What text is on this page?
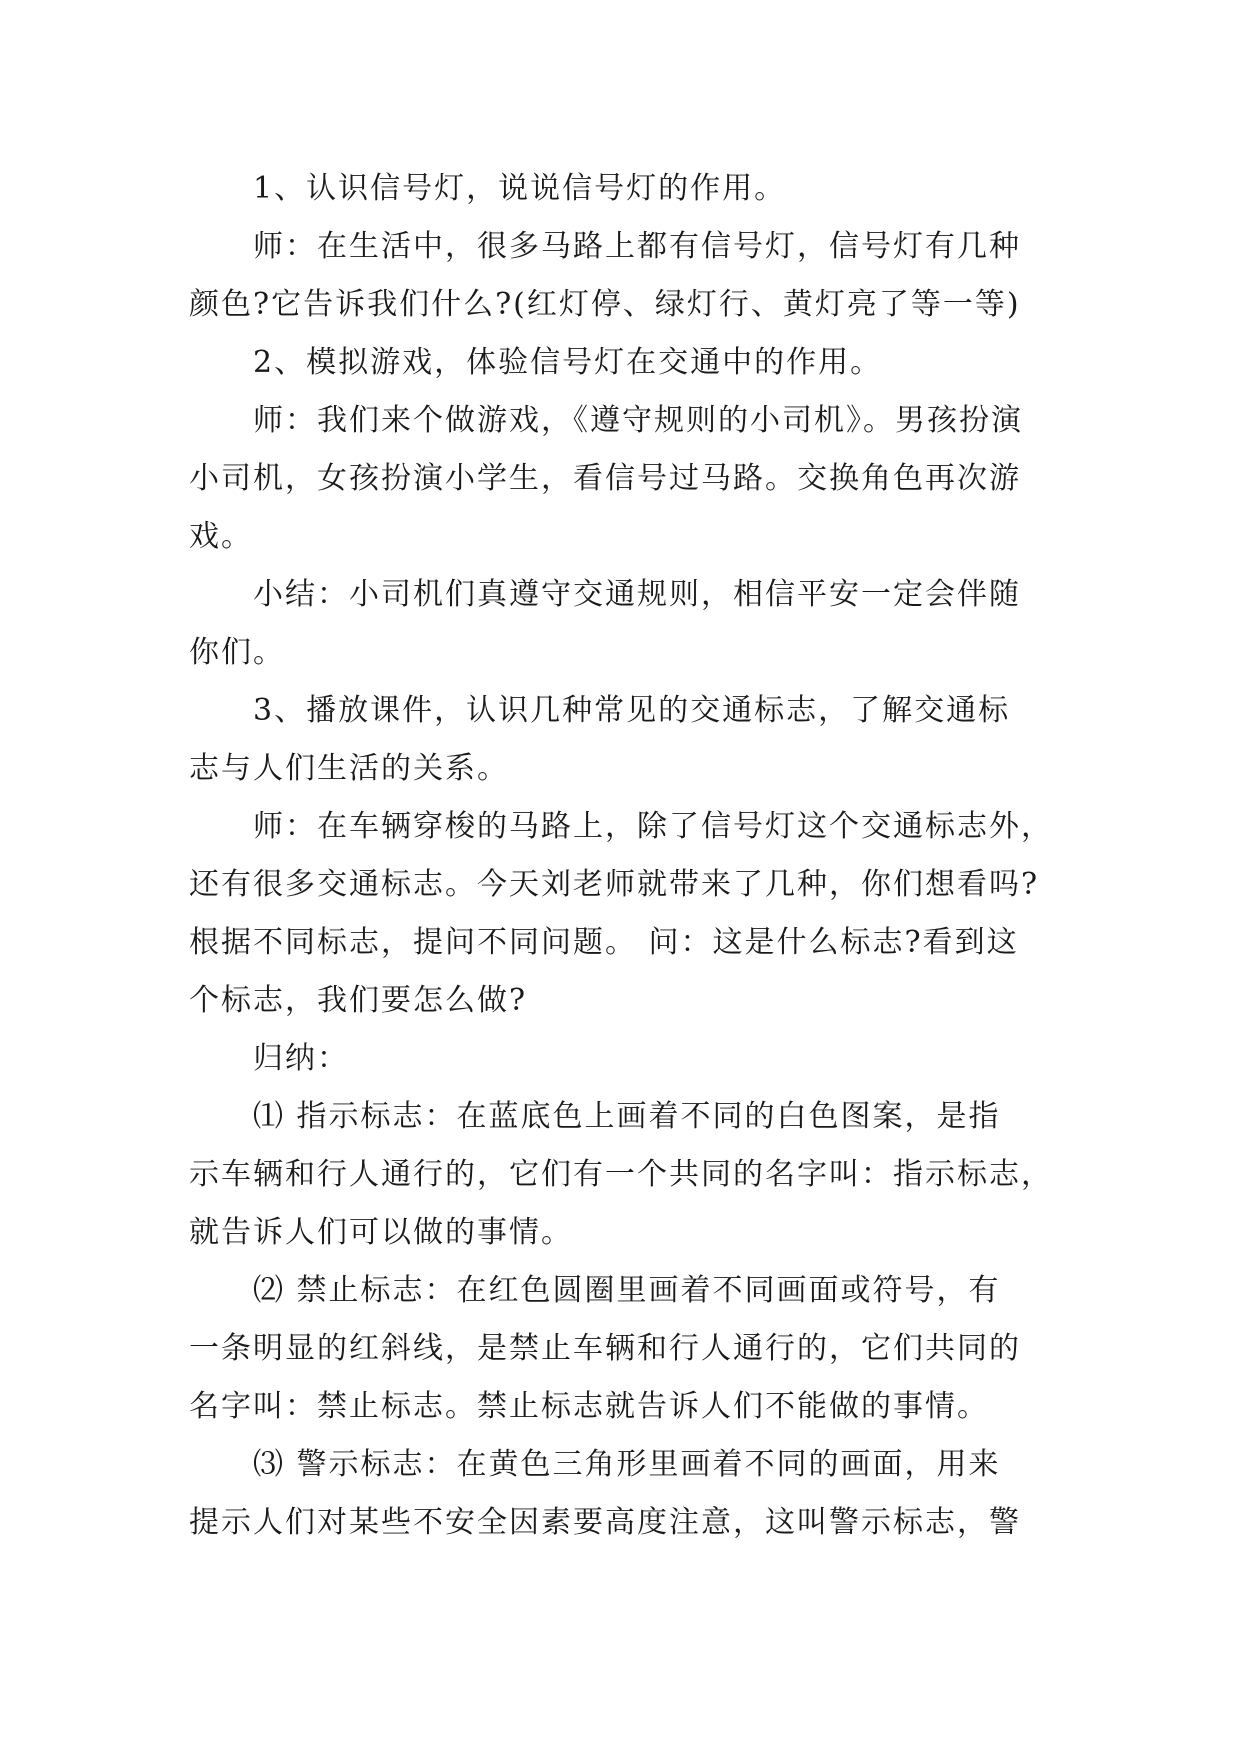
1、认识信号灯，说说信号灯的作用。
师：在生活中，很多马路上都有信号灯，信号灯有几种
颜色?它告诉我们什么?(红灯停、绿灯行、黄灯亮了等一等)
2、模拟游戏，体验信号灯在交通中的作用。
师：我们来个做游戏，《遵守规则的小司机》。男孩扮演
小司机，女孩扮演小学生，看信号过马路。交换角色再次游
戏。
小结：小司机们真遵守交通规则，相信平安一定会伴随
你们。
3、播放课件，认识几种常见的交通标志，了解交通标
志与人们生活的关系。
师：在车辆穿梭的马路上，除了信号灯这个交通标志外，
还有很多交通标志。今天刘老师就带来了几种，你们想看吗?
根据不同标志，提问不同问题。 问：这是什么标志?看到这
个标志，我们要怎么做?
归纳：
⑴ 指示标志：在蓝底色上画着不同的白色图案，是指
示车辆和行人通行的，它们有一个共同的名字叫：指示标志，
就告诉人们可以做的事情。
⑵ 禁止标志：在红色圆圈里画着不同画面或符号，有
一条明显的红斜线，是禁止车辆和行人通行的，它们共同的
名字叫：禁止标志。禁止标志就告诉人们不能做的事情。
⑶ 警示标志：在黄色三角形里画着不同的画面，用来
提示人们对某些不安全因素要高度注意，这叫警示标志，警
